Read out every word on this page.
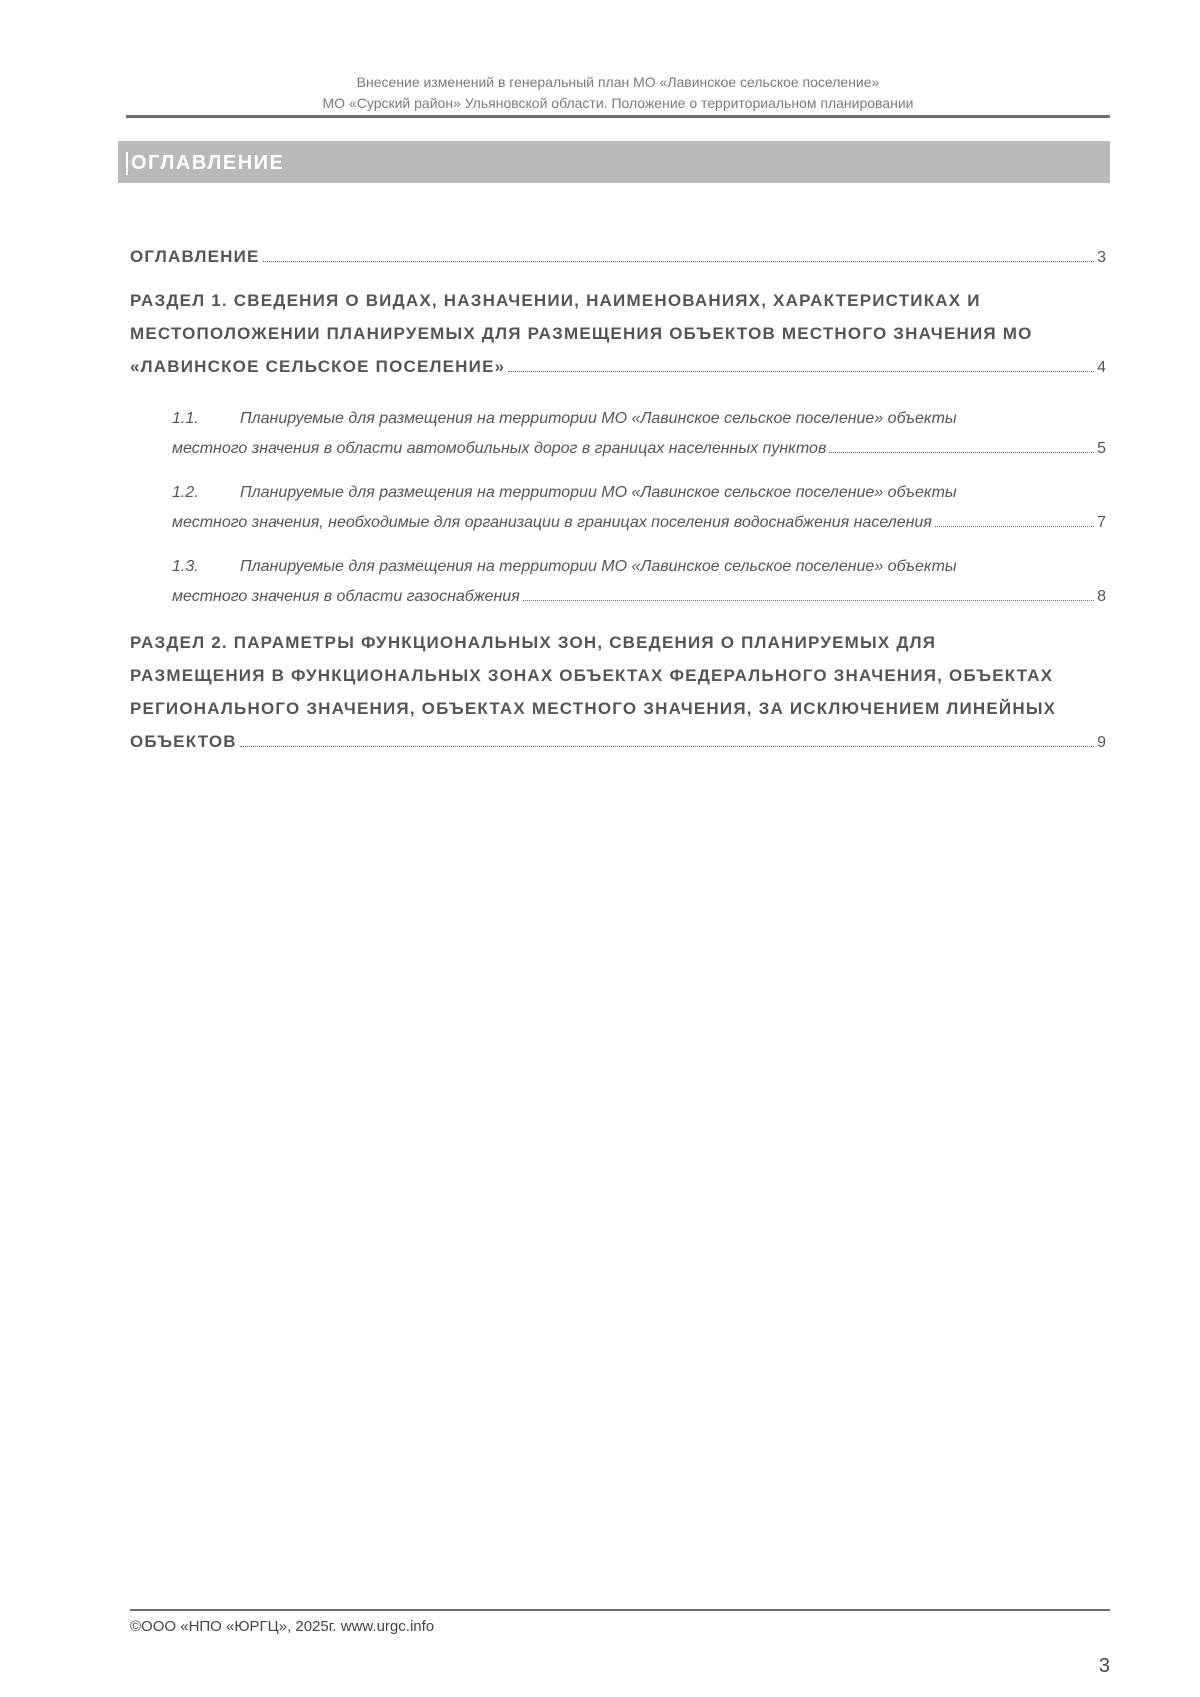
Внесение изменений в генеральный план МО «Лавинское сельское поселение»
МО «Сурский район» Ульяновской области. Положение о территориальном планировании
ОГЛАВЛЕНИЕ
ОГЛАВЛЕНИЕ	3
РАЗДЕЛ 1. СВЕДЕНИЯ О ВИДАХ, НАЗНАЧЕНИИ, НАИМЕНОВАНИЯХ, ХАРАКТЕРИСТИКАХ И
МЕСТОПОЛОЖЕНИИ ПЛАНИРУЕМЫХ ДЛЯ РАЗМЕЩЕНИЯ ОБЪЕКТОВ МЕСТНОГО ЗНАЧЕНИЯ МО
«ЛАВИНСКОЕ СЕЛЬСКОЕ ПОСЕЛЕНИЕ»	4
1.1.	Планируемые для размещения на территории МО «Лавинское сельское поселение» объекты
местного значения в области автомобильных дорог в границах населенных пунктов	5
1.2.	Планируемые для размещения на территории МО «Лавинское сельское поселение» объекты
местного значения, необходимые для организации в границах поселения водоснабжения населения	7
1.3.	Планируемые для размещения на территории МО «Лавинское сельское поселение» объекты
местного значения в области газоснабжения	8
РАЗДЕЛ 2. ПАРАМЕТРЫ ФУНКЦИОНАЛЬНЫХ ЗОН, СВЕДЕНИЯ О ПЛАНИРУЕМЫХ ДЛЯ
РАЗМЕЩЕНИЯ В ФУНКЦИОНАЛЬНЫХ ЗОНАХ ОБЪЕКТАХ ФЕДЕРАЛЬНОГО ЗНАЧЕНИЯ, ОБЪЕКТАХ
РЕГИОНАЛЬНОГО ЗНАЧЕНИЯ, ОБЪЕКТАХ МЕСТНОГО ЗНАЧЕНИЯ, ЗА ИСКЛЮЧЕНИЕМ ЛИНЕЙНЫХ
ОБЪЕКТОВ	9
©ООО «НПО «ЮРГЦ», 2025г. www.urgc.info
3
